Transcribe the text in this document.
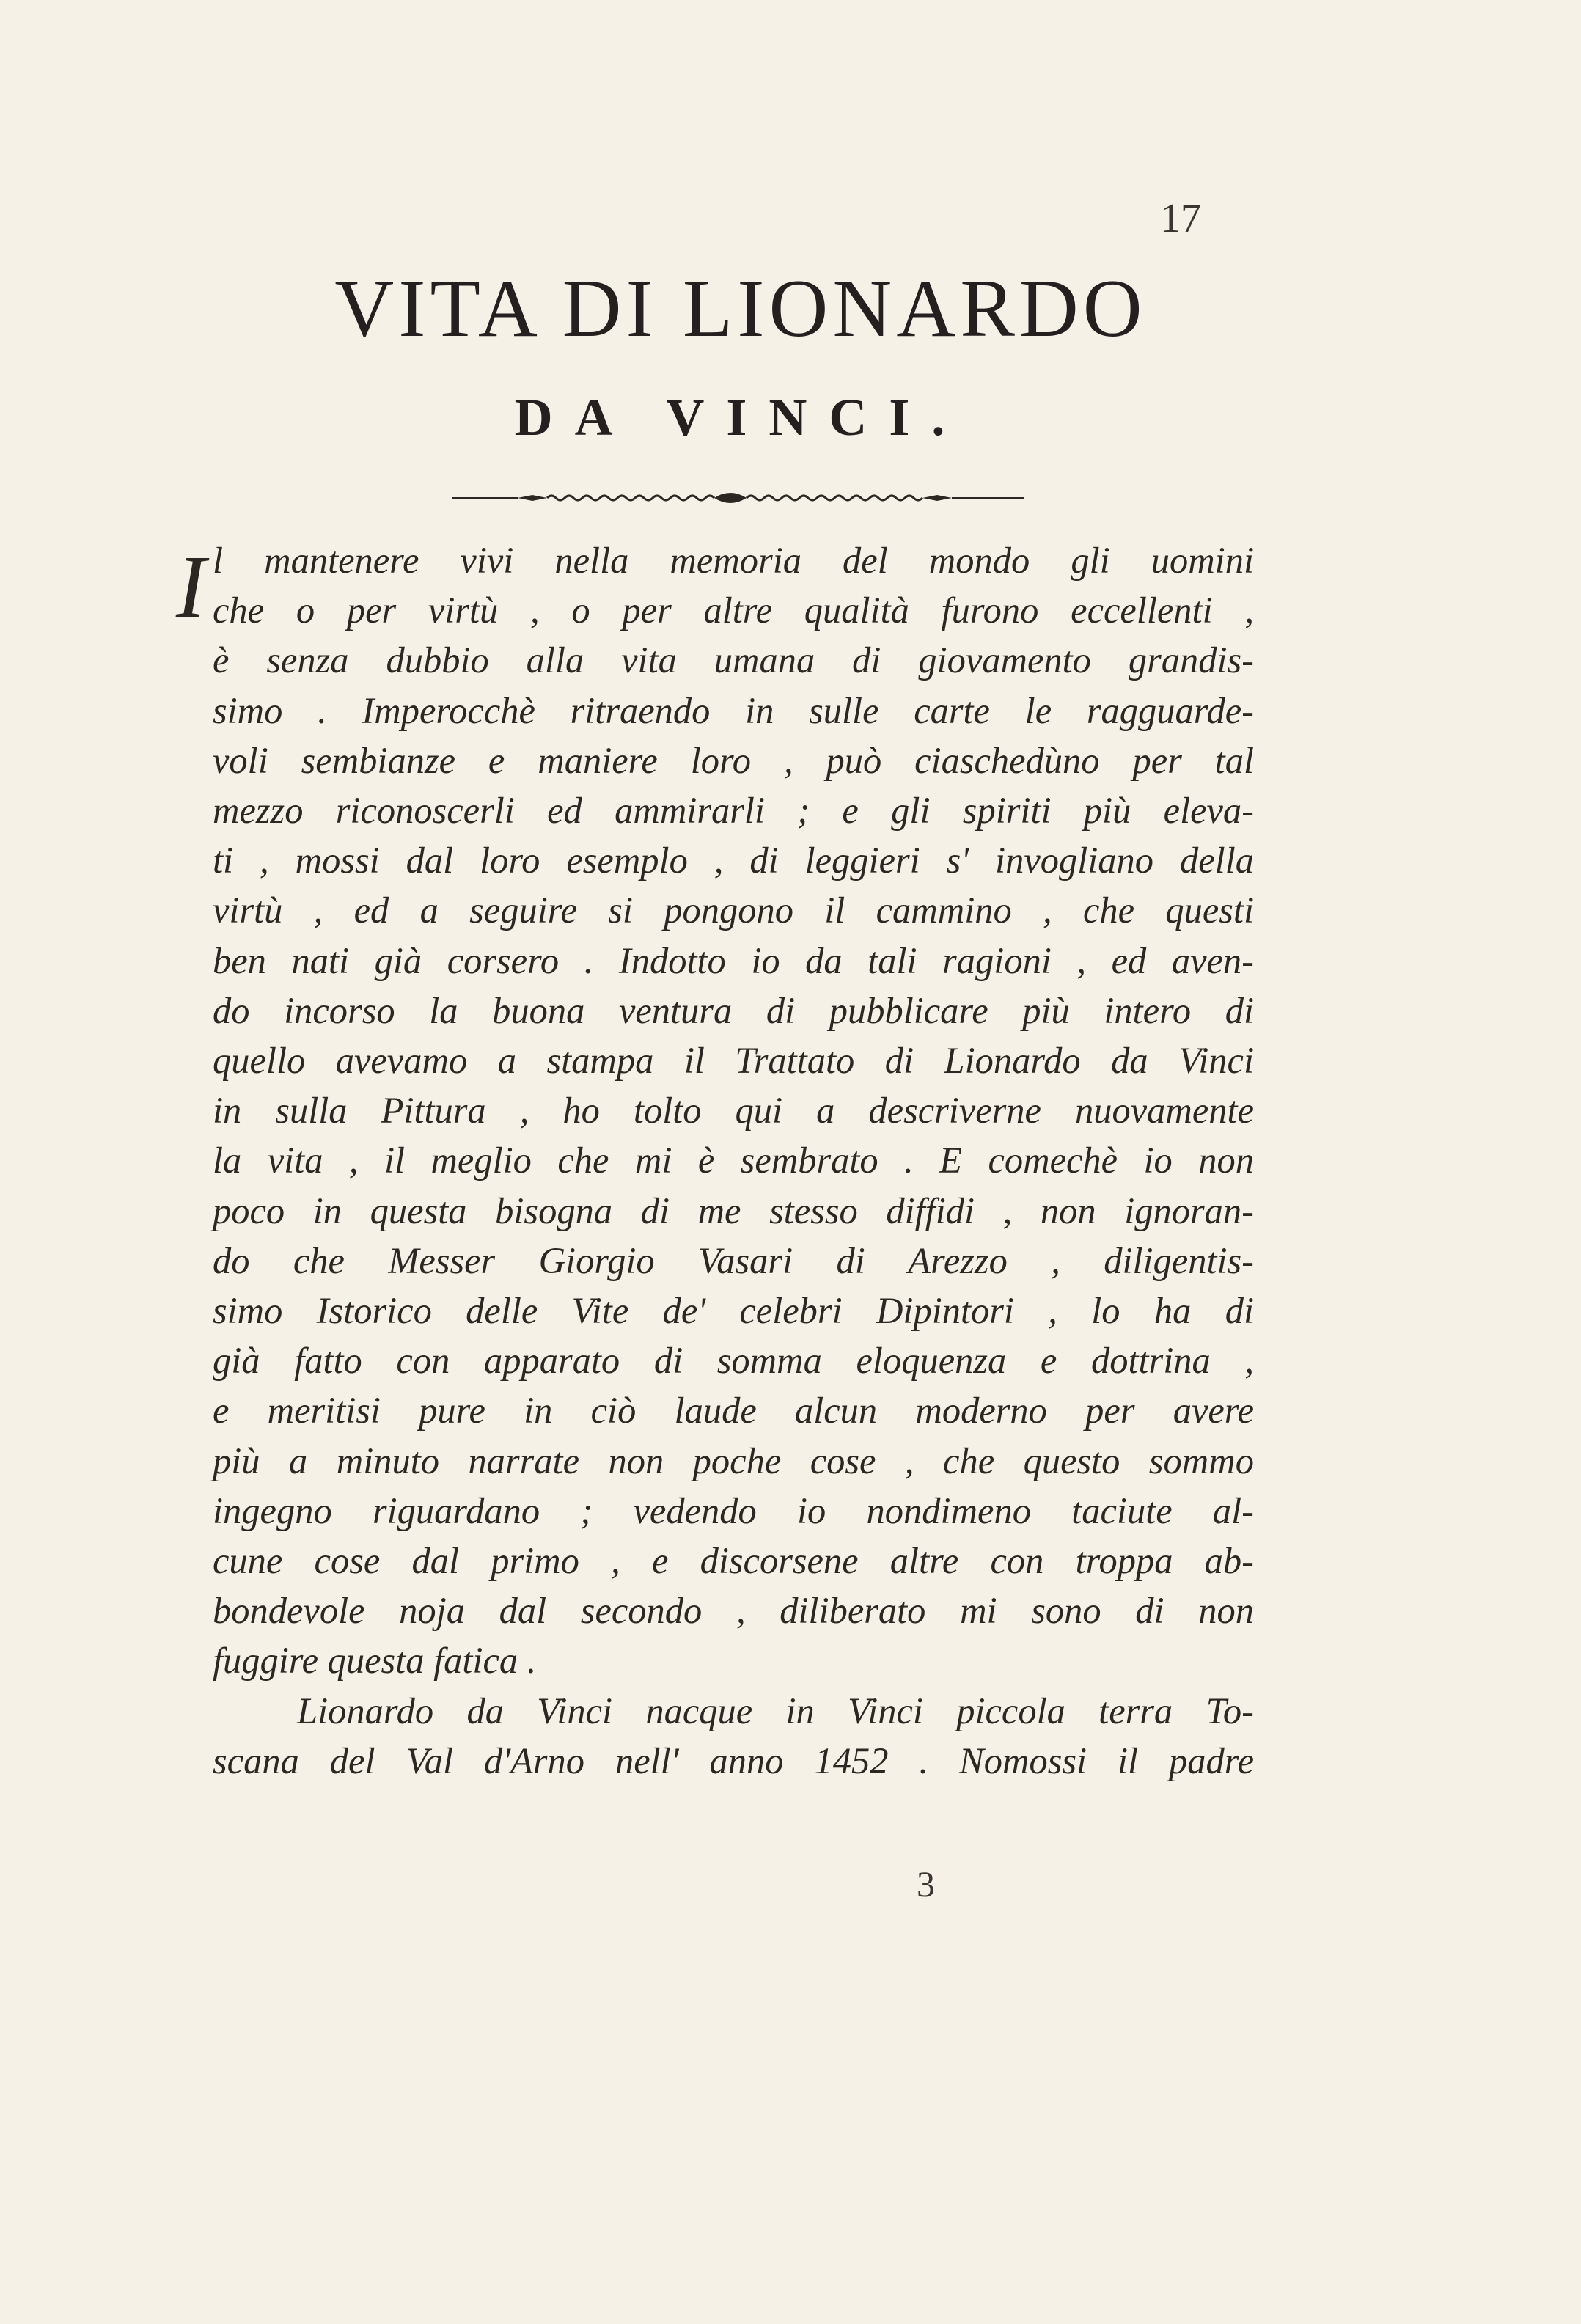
17
VITA DI LIONARDO
DA VINCI.
I l mantenere vivi nella memoria del mondo gli uomini
che o per virtù , o per altre qualità furono eccellenti ,
è senza dubbio alla vita umana di giovamento grandis-
simo . Imperocchè ritraendo in sulle carte le ragguarde-
voli sembianze e maniere loro , può ciaschedùno per tal
mezzo riconoscerli ed ammirarli ; e gli spiriti più eleva-
ti , mossi dal loro esemplo , di leggieri s' invogliano della
virtù , ed a seguire si pongono il cammino , che questi
ben nati già corsero . Indotto io da tali ragioni , ed aven-
do incorso la buona ventura di pubblicare più intero di
quello avevamo a stampa il Trattato di Lionardo da Vinci
in sulla Pittura , ho tolto qui a descriverne nuovamente
la vita , il meglio che mi è sembrato . E comechè io non
poco in questa bisogna di me stesso diffidi , non ignoran-
do che Messer Giorgio Vasari di Arezzo , diligentis-
simo Istorico delle Vite de' celebri Dipintori , lo ha di
già fatto con apparato di somma eloquenza e dottrina ,
e meritisi pure in ciò laude alcun moderno per avere
più a minuto narrate non poche cose , che questo sommo
ingegno riguardano ; vedendo io nondimeno taciute al-
cune cose dal primo , e discorsene altre con troppa ab-
bondevole noja dal secondo , diliberato mi sono di non
fuggire questa fatica .

Lionardo da Vinci nacque in Vinci piccola terra To-
scana del Val d'Arno nell' anno 1452 . Nomossi il padre

3
